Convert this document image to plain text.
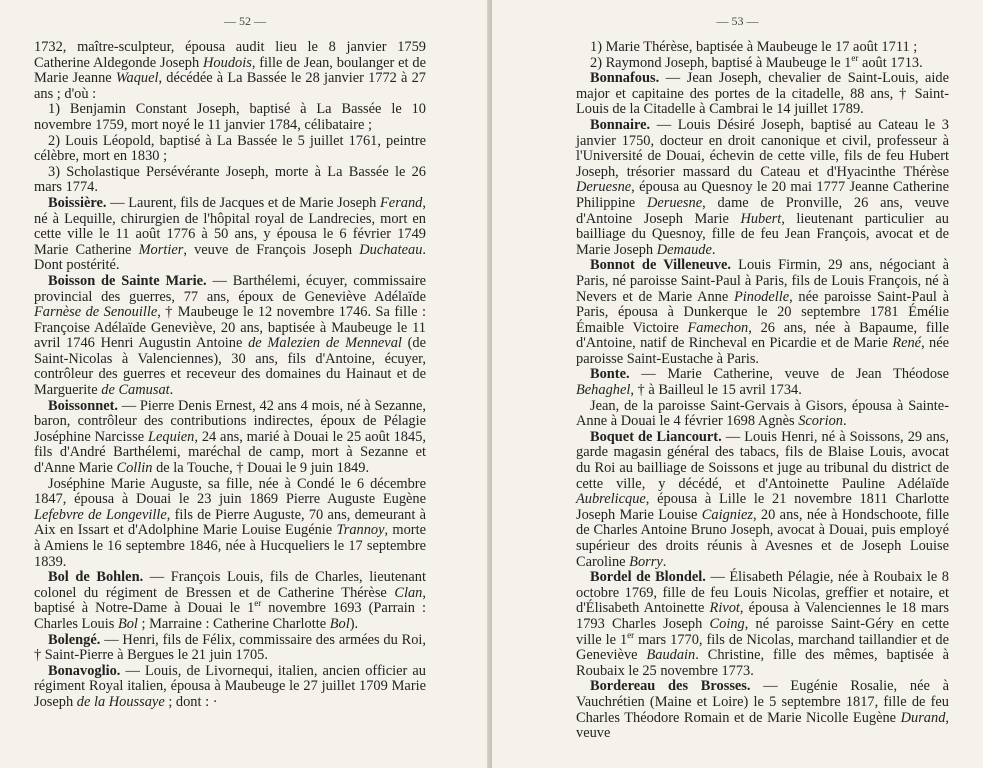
— 52 —

1732, maître-sculpteur, épousa audit lieu le 8 janvier 1759 Catherine Aldegonde Joseph Houdois, fille de Jean, boulanger et de Marie Jeanne Waquel, décédée à La Bassée le 28 janvier 1772 à 27 ans ; d'où :

1) Benjamin Constant Joseph, baptisé à La Bassée le 10 novembre 1759, mort noyé le 11 janvier 1784, célibataire ;

2) Louis Léopold, baptisé à La Bassée le 5 juillet 1761, peintre célèbre, mort en 1830 ;

3) Scholastique Persévérante Joseph, morte à La Bassée le 26 mars 1774.

Boissière. — Laurent, fils de Jacques et de Marie Joseph Ferand, né à Lequille, chirurgien de l'hôpital royal de Landrecies, mort en cette ville le 11 août 1776 à 50 ans, y épousa le 6 février 1749 Marie Catherine Mortier, veuve de François Joseph Duchateau. Dont postérité.

Boisson de Sainte Marie. — Barthélemi, écuyer, commissaire provincial des guerres, 77 ans, époux de Geneviève Adélaïde Farnèse de Senouille, † Maubeuge le 12 novembre 1746. Sa fille : Françoise Adélaïde Geneviève, 20 ans, baptisée à Maubeuge le 11 avril 1746 Henri Augustin Antoine de Malezien de Menneval (de Saint-Nicolas à Valenciennes), 30 ans, fils d'Antoine, écuyer, contrôleur des guerres et receveur des domaines du Hainaut et de Marguerite de Camusat.

Boissonnet. — Pierre Denis Ernest, 42 ans 4 mois, né à Sezanne, baron, contrôleur des contributions indirectes, époux de Pélagie Joséphine Narcisse Lequien, 24 ans, marié à Douai le 25 août 1845, fils d'André Barthélemi, maréchal de camp, mort à Sezanne et d'Anne Marie Collin de la Touche, † Douai le 9 juin 1849.

Joséphine Marie Auguste, sa fille, née à Condé le 6 décembre 1847, épousa à Douai le 23 juin 1869 Pierre Auguste Eugène Lefebvre de Longeville, fils de Pierre Auguste, 70 ans, demeurant à Aix en Issart et d'Adolphine Marie Louise Eugénie Trannoy, morte à Amiens le 16 septembre 1846, née à Hucqueliers le 17 septembre 1839.

Bol de Bohlen. — François Louis, fils de Charles, lieutenant colonel du régiment de Bressen et de Catherine Thérèse Clan, baptisé à Notre-Dame à Douai le 1er novembre 1693 (Parrain : Charles Louis Bol ; Marraine : Catherine Charlotte Bol).

Bolengé. — Henri, fils de Félix, commissaire des armées du Roi, † Saint-Pierre à Bergues le 21 juin 1705.

Bonavoglio. — Louis, de Livornequi, italien, ancien officier au régiment Royal italien, épousa à Maubeuge le 27 juillet 1709 Marie Joseph de la Houssaye ; dont : ·

— 53 —

1) Marie Thérèse, baptisée à Maubeuge le 17 août 1711 ;

2) Raymond Joseph, baptisé à Maubeuge le 1er août 1713.

Bonnafous. — Jean Joseph, chevalier de Saint-Louis, aide major et capitaine des portes de la citadelle, 88 ans, † Saint-Louis de la Citadelle à Cambrai le 14 juillet 1789.

Bonnaire. — Louis Désiré Joseph, baptisé au Cateau le 3 janvier 1750, docteur en droit canonique et civil, professeur à l'Université de Douai, échevin de cette ville, fils de feu Hubert Joseph, trésorier massard du Cateau et d'Hyacinthe Thérèse Deruesne, épousa au Quesnoy le 20 mai 1777 Jeanne Catherine Philippine Deruesne, dame de Pronville, 26 ans, veuve d'Antoine Joseph Marie Hubert, lieutenant particulier au bailliage du Quesnoy, fille de feu Jean François, avocat et de Marie Joseph Demaude.

Bonnot de Villeneuve. Louis Firmin, 29 ans, négociant à Paris, né paroisse Saint-Paul à Paris, fils de Louis François, né à Nevers et de Marie Anne Pinodelle, née paroisse Saint-Paul à Paris, épousa à Dunkerque le 20 septembre 1781 Émélie Émaible Victoire Famechon, 26 ans, née à Bapaume, fille d'Antoine, natif de Rincheval en Picardie et de Marie René, née paroisse Saint-Eustache à Paris.

Bonte. — Marie Catherine, veuve de Jean Théodose Behaghel, † à Bailleul le 15 avril 1734.

Jean, de la paroisse Saint-Gervais à Gisors, épousa à Sainte-Anne à Douai le 4 février 1698 Agnès Scorion.

Boquet de Liancourt. — Louis Henri, né à Soissons, 29 ans, garde magasin général des tabacs, fils de Blaise Louis, avocat du Roi au bailliage de Soissons et juge au tribunal du district de cette ville, y décédé, et d'Antoinette Pauline Adélaïde Aubrelicque, épousa à Lille le 21 novembre 1811 Charlotte Joseph Marie Louise Caigniez, 20 ans, née à Hondschoote, fille de Charles Antoine Bruno Joseph, avocat à Douai, puis employé supérieur des droits réunis à Avesnes et de Joseph Louise Caroline Borry.

Bordel de Blondel. — Élisabeth Pélagie, née à Roubaix le 8 octobre 1769, fille de feu Louis Nicolas, greffier et notaire, et d'Élisabeth Antoinette Rivot, épousa à Valenciennes le 18 mars 1793 Charles Joseph Coing, né paroisse Saint-Géry en cette ville le 1er mars 1770, fils de Nicolas, marchand taillandier et de Geneviève Baudain. Christine, fille des mêmes, baptisée à Roubaix le 25 novembre 1773.

Bordereau des Brosses. — Eugénie Rosalie, née à Vauchrétien (Maine et Loire) le 5 septembre 1817, fille de feu Charles Théodore Romain et de Marie Nicolle Eugène Durand, veuve
